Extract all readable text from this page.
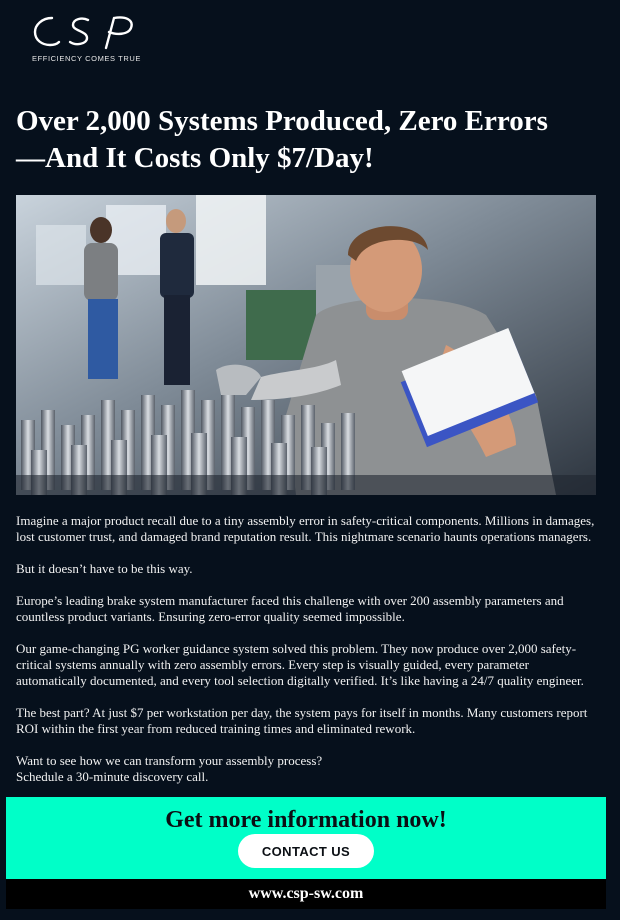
EFFICIENCY COMES TRUE
Over 2,000 Systems Produced, Zero Errors
—And It Costs Only $7/Day!

Imagine a major product recall due to a tiny assembly error in safety-critical components. Millions in damages, lost customer trust, and damaged brand reputation result. This nightmare scenario haunts operations managers.

But it doesn’t have to be this way.

Europe’s leading brake system manufacturer faced this challenge with over 200 assembly parameters and countless product variants. Ensuring zero-error quality seemed impossible.

Our game-changing PG worker guidance system solved this problem. They now produce over 2,000 safety-critical systems annually with zero assembly errors. Every step is visually guided, every parameter automatically documented, and every tool selection digitally verified. It’s like having a 24/7 quality engineer.

The best part? At just $7 per workstation per day, the system pays for itself in months. Many customers report ROI within the first year from reduced training times and eliminated rework.

Want to see how we can transform your assembly process?
Schedule a 30-minute discovery call.

Get more information now!
CONTACT US
www.csp-sw.com
